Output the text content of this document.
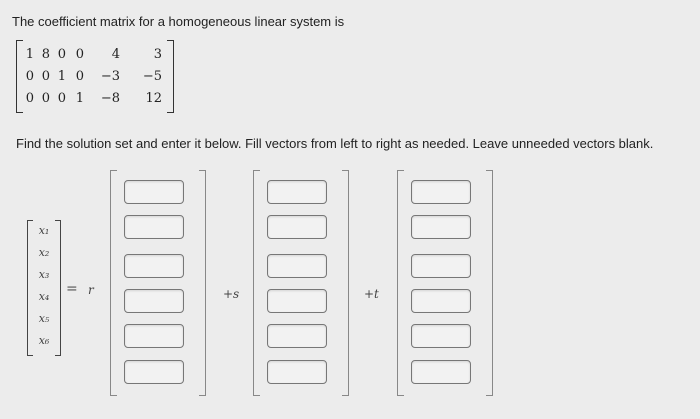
The coefficient matrix for a homogeneous linear system is
1 8 0 0	4	3
0 0 1 0	−3	−5
0 0 0 1	−8	12
Find the solution set and enter it below. Fill vectors from left to right as needed. Leave unneeded vectors blank.
x₁
x₂
x₃
x₄
x₅
x₆
= r	+s	+t
